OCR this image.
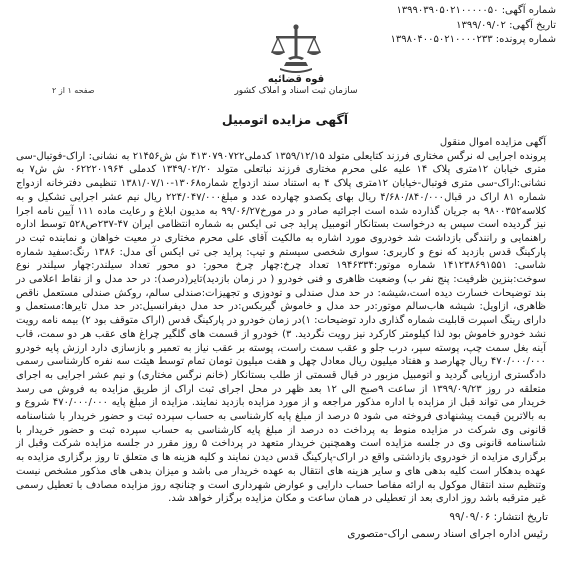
شماره آگهی: ۱۳۹۹۰۳۹۰۵۰۲۱۰۰۰۰۰۵۰
تاریخ آگهی: ۱۳۹۹/۰۹/۰۲
شماره پرونده: ۱۳۹۸۰۴۰۰۵۰۲۱۰۰۰۰۲۳۳
قوه قضائیه
سازمان ثبت اسناد و املاک کشور
صفحه ۱ از ۲
آگهی مزایده اتومبیل

آگهی مزایده اموال منقول

پرونده اجرایی له نرگس مختاری فرزند کتایعلی متولد ۱۳۵۹/۱۲/۱۵ کدملی۴۱۳۰۷۹۰۷۲۲ ش ش۲۱۴۵۶ به نشانی: اراک-فوتبال-سی متری خیابان ۱۲متری پلاک ۱۴ علیه علی محرم مختاری فرزند نباتعلی متولد ۱۳۴۹/۰۲/۲۰ کدملی ۰۶۲۲۲۰۱۹۶۴ ش ش۷ به نشانی:اراک-سی متری فوتبال-خیابان ۱۲متری پلاک ۴ به استناد سند ازدواج شماره۱۳۰۶۸-۱۳۸۱/۰۷/۱۰ تنظیمی دفترخانه ازدواج شماره ۸۱ اراک در قبال۴/۶۸۰/۸۴۰/۰۰۰ ریال بهای یکصدو چهارده عدد و مبلغ۲۲۴/۰۴۷/۰۰۰ ریال نیم عشر اجرایی تشکیل و به کلاسه۹۸۰۰۳۵۲ به جریان گذارده شده است اجرائیه صادر و در مورخ۹۹/۰۶/۲۷ به مدیون ابلاغ و رعایت ماده ۱۱۱ آیین نامه اجرا نیز گردیده است سپس به درخواست بستانکار اتومبیل پراید جی تی ایکس به شماره انتظامی ایران ۴۷-۲۳۷ص۵۲۸ توسط اداره راهنمایی و رانندگی بازداشت شد خودروی مورد اشاره به مالکیت آقای علی محرم مختاری در معیت خواهان و نماینده ثبت در پارکینگ قدس بازدید که نوع و کاربری: سواری شخصی سیستم و تیپ: پراید جی تی ایکس آی مدل: ۱۳۸۶ رنگ:سفید شماره شاسی: ۱۴۱۲۳۸۶۹۱۵۵۱ شماره موتور:۱۹۴۶۳۳۴ تعداد چرخ:چهار چرخ محور: دو محور تعداد سیلندر:چهار سیلندر نوع سوخت:بنزین ظرفیت: پنج نفر ب) وضعیت ظاهری و فنی خودرو ( در زمان بازدید)تایر(درصد): در حد مدل و از نقاط اعلامی در بند توضیحات خسارت دیده است،شیشه: در حد مدل صندلی و تودوزی و تجهیزات:صندلی سالم، روکش صندلی مستعمل ناقص ظاهری، ازاویل: شیشه هاب‌سالم موتور:در حد مدل و خاموش گیربکس:در حد مدل دیفرانسیل:در حد مدل تایرها:مستعمل و دارای رینگ اسپرت قابلیت شماره گذاری دارد توضیحات: ۱)در زمان خودرو در پارکینگ قدس (اراک متوقف بود ۲) بیمه نامه رویت نشد خودرو خاموش بود لذا کیلومتر کارکرد نیز رویت نگردید. ۳) خودرو از قسمت های گلگیر چراغ های عقب هر دو سمت، قاب آینه بغل سمت چپ، پوسته سپر، درب جلو و عقب سمت راست، پوسته بر عقب نیاز به تعمیر و بازسازی دارد ارزش پایه خودرو ۴۷۰/۰۰۰/۰۰۰ ریال چهارصد و هفتاد میلیون ریال معادل چهل و هفت میلیون تومان تمام توسط هیئت سه نفره کارشناسی رسمی دادگستری ارزیابی گردید و اتومبیل مزبور در قبال قسمتی از طلب بستانکار (خانم نرگس مختاری) و نیم عشر اجرایی به اجرای متعلقه در روز ۱۳۹۹/۰۹/۲۳ از ساعت ۹صبح الی ۱۲ بعد ظهر در محل اجرای ثبت اراک از طریق مزایده به فروش می رسد خریدار می تواند قبل از مزایده با اداره مذکور مراجعه و از مورد مزایده بازدید نمایند. مزایده از مبلغ پایه ۴۷۰/۰۰۰/۰۰۰ شروع و به بالاترین قیمت پیشنهادی فروخته می شود ۵ درصد از مبلغ پایه کارشناسی به حساب سپرده ثبت و حضور خریدار با شناسنامه قانونی وی شرکت در مزایده منوط به پرداخت ده درصد از مبلغ پایه کارشناسی به حساب سپرده ثبت و حضور خریدار با شناسنامه قانونی وی در جلسه مزایده است وهمچنین خریدار متعهد در پرداخت ۵ روز مقرر در جلسه مزایده شرکت وقبل از برگزاری مزایده از خودروی بازداشتی واقع در اراک-پارکینگ قدس دیدن نمایند و کلیه هزینه ها ی متعلق تا روز برگزاری مزایده به عهده بدهکار است کلیه بدهی های و سایر هزینه های انتقال به عهده خریدار می باشد و میزان بدهی های مذکور مشخص نیست وتنظیم سند انتقال موکول به ارائه مفاصا حساب دارایی و عوارض شهرداری است و چنانچه روز مزایده مصادف با تعطیل رسمی غیر مترقبه باشد روز اداری بعد از تعطیلی در همان ساعت و مکان مزایده برگزار خواهد شد.

تاریخ انتشار: ۹۹/۰۹/۰۶
رئیس اداره اجرای اسناد رسمی اراک-متصوری
